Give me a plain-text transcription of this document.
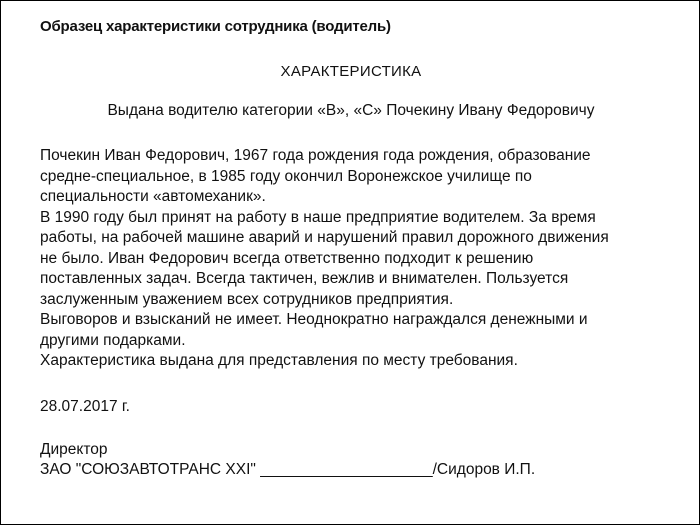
Образец характеристики сотрудника (водитель)
ХАРАКТЕРИСТИКА
Выдана водителю категории «В», «С» Почекину Ивану Федоровичу
Почекин Иван Федорович, 1967 года рождения года рождения, образование
средне-специальное, в 1985 году окончил Воронежское училище по
специальности «автомеханик».
В 1990 году был принят на работу в наше предприятие водителем. За время
работы, на рабочей машине аварий и нарушений правил дорожного движения
не было. Иван Федорович всегда ответственно подходит к решению
поставленных задач. Всегда тактичен, вежлив и внимателен. Пользуется
заслуженным уважением всех сотрудников предприятия.
Выговоров и взысканий не имеет. Неоднократно награждался денежными и
другими подарками.
Характеристика выдана для представления по месту требования.
28.07.2017 г.
Директор
ЗАО "СОЮЗАВТОТРАНС XXI" ____________________/Сидоров И.П.
